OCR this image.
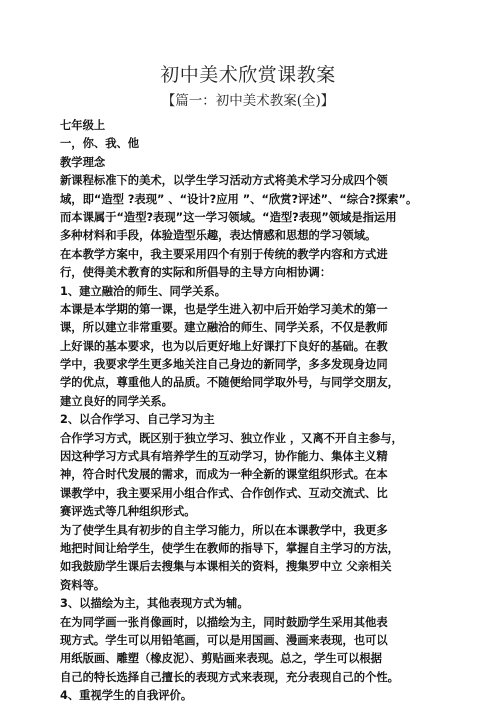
初中美术欣赏课教案
【篇一：初中美术教案(全)】
七年级上
一，你、我、他
教学理念
新课程标准下的美术，以学生学习活动方式将美术学习分成四个领
域，即“造型 ?表现” 、“设计?应用 ”、“欣赏?评述”、“综合?探索”。
而本课属于“造型?表现”这一学习领域。“造型?表现”领域是指运用
多种材料和手段，体验造型乐趣，表达情感和思想的学习领域。
在本教学方案中，我主要采用四个有别于传统的教学内容和方式进
行，使得美术教育的实际和所倡导的主导方向相协调：
1、建立融洽的师生、同学关系。
本课是本学期的第一课，也是学生进入初中后开始学习美术的第一
课，所以建立非常重要。建立融洽的师生、同学关系，不仅是教师
上好课的基本要求，也为以后更好地上好课打下良好的基础。在教
学中，我要求学生更多地关注自己身边的新同学，多多发现身边同
学的优点，尊重他人的品质。不随便给同学取外号，与同学交朋友，
建立良好的同学关系。
2、以合作学习、自己学习为主
合作学习方式，既区别于独立学习、独立作业 ，又离不开自主参与，
因这种学习方式具有培养学生的互动学习，协作能力、集体主义精
神，符合时代发展的需求，而成为一种全新的课堂组织形式。在本
课教学中，我主要采用小组合作式、合作创作式、互动交流式、比
赛评选式等几种组织形式。
为了使学生具有初步的自主学习能力，所以在本课教学中，我更多
地把时间让给学生，使学生在教师的指导下，掌握自主学习的方法，
如我鼓励学生课后去搜集与本课相关的资料，搜集罗中立 父亲相关
资料等。
3、以描绘为主，其他表现方式为辅。
在为同学画一张肖像画时，以描绘为主，同时鼓励学生采用其他表
现方式。学生可以用铅笔画，可以是用国画、漫画来表现，也可以
用纸版画、雕塑（橡皮泥）、剪贴画来表现。总之，学生可以根据
自己的特长选择自己擅长的表现方式来表现，充分表现自己的个性。
4、重视学生的自我评价。
